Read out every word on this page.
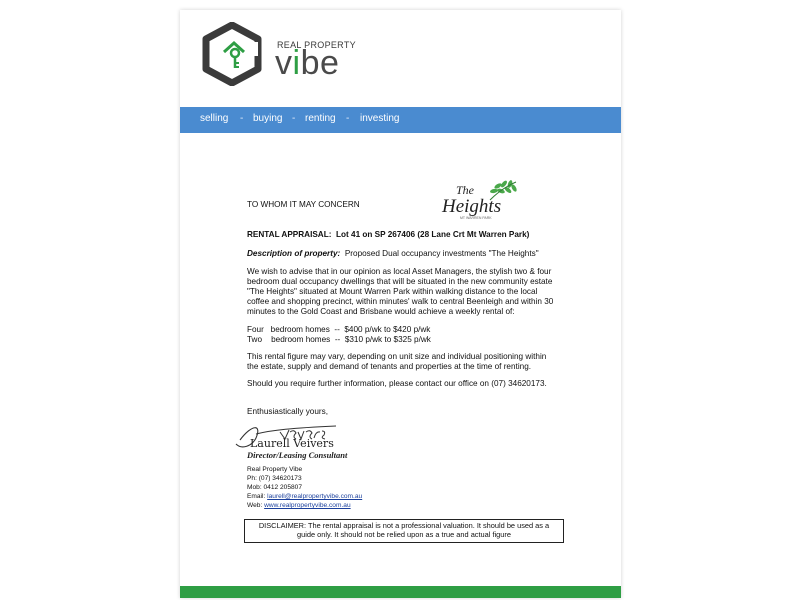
REAL PROPERTY
vibe
selling - buying - renting - investing
The
Heights
MT WARREN PARK
TO WHOM IT MAY CONCERN
RENTAL APPRAISAL: Lot 41 on SP 267406 (28 Lane Crt Mt Warren Park)
Description of property: Proposed Dual occupancy investments "The Heights"
We wish to advise that in our opinion as local Asset Managers, the stylish two & four
bedroom dual occupancy dwellings that will be situated in the new community estate
"The Heights" situated at Mount Warren Park within walking distance to the local
coffee and shopping precinct, within minutes' walk to central Beenleigh and within 30
minutes to the Gold Coast and Brisbane would achieve a weekly rental of:
Four   bedroom homes  --  $400 p/wk to $420 p/wk
Two    bedroom homes  --  $310 p/wk to $325 p/wk
This rental figure may vary, depending on unit size and individual positioning within
the estate, supply and demand of tenants and properties at the time of renting.
Should you require further information, please contact our office on (07) 34620173.
Enthusiastically yours,
Laurell Veivers
Director/Leasing Consultant
Real Property Vibe
Ph: (07) 34620173
Mob: 0412 205807
Email: laurell@realpropertyvibe.com.au
Web: www.realpropertyvibe.com.au
DISCLAIMER: The rental appraisal is not a professional valuation. It should be used as a
guide only. It should not be relied upon as a true and actual figure
